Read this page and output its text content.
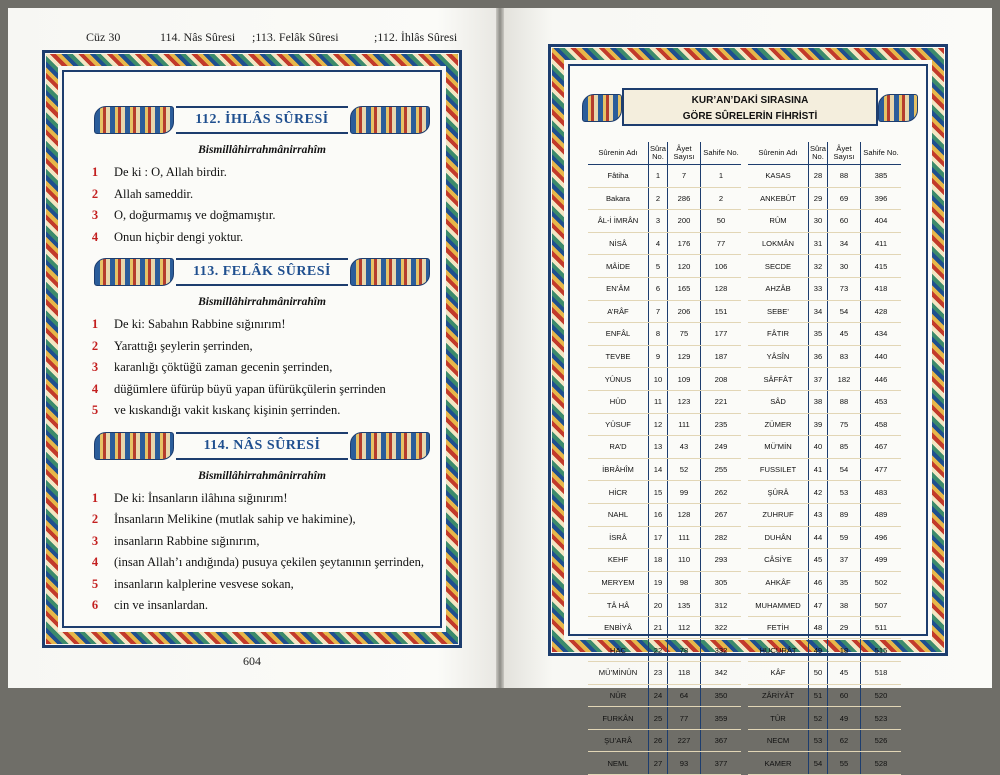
Cüz 30	114. Nâs Sûresi ;113. Felâk Sûresi	;112. İhlâs Sûresi
112. İHLÂS SÛRESİ
Bismillâhirrahmânirrahîm
1	De ki : O, Allah birdir.
2	Allah sameddir.
3	O, doğurmamış ve doğmamıştır.
4	Onun hiçbir dengi yoktur.
113. FELÂK SÛRESİ
Bismillâhirrahmânirrahîm
1	De ki: Sabahın Rabbine sığınırım!
2	Yarattığı şeylerin şerrinden,
3	karanlığı çöktüğü zaman gecenin şerrinden,
4	düğümlere üfürüp büyü yapan üfürükçülerin şerrinden
5	ve kıskandığı vakit kıskanç kişinin şerrinden.
114. NÂS SÛRESİ
Bismillâhirrahmânirrahîm
1	De ki: İnsanların ilâhına sığınırım!
2	İnsanların Melikine (mutlak sahip ve hakimine),
3	insanların Rabbine sığınırım,
4	(insan Allah’ı andığında) pusuya çekilen şeytanının şerrinden,
5	insanların kalplerine vesvese sokan,
6	cin ve insanlardan.
604
KUR’AN’DAKİ SIRASINA
GÖRE SÛRELERİN FİHRİSTİ
Sûrenin Adı	Sûra No.	Âyet Sayısı	Sahife No.
Fâtiha	1	7	1
Bakara	2	286	2
ÂL-İ İMRÂN	3	200	50
NİSÂ	4	176	77
MÂİDE	5	120	106
EN’ÂM	6	165	128
A’RÂF	7	206	151
ENFÂL	8	75	177
TEVBE	9	129	187
YÛNUS	10	109	208
HÛD	11	123	221
YÛSUF	12	111	235
RA’D	13	43	249
İBRÂHÎM	14	52	255
HİCR	15	99	262
NAHL	16	128	267
İSRÂ	17	111	282
KEHF	18	110	293
MERYEM	19	98	305
TÂ HÂ	20	135	312
ENBİYÂ	21	112	322
HAC	22	78	332
MÜ’MİNÛN	23	118	342
NÛR	24	64	350
FURKÂN	25	77	359
ŞU’ARÂ	26	227	367
NEML	27	93	377
Sûrenin Adı	Sûra No.	Âyet Sayısı	Sahife No.
KASAS	28	88	385
ANKEBÛT	29	69	396
RÛM	30	60	404
LOKMÂN	31	34	411
SECDE	32	30	415
AHZÂB	33	73	418
SEBE’	34	54	428
FÂTIR	35	45	434
YÂSÎN	36	83	440
SÂFFÂT	37	182	446
SÂD	38	88	453
ZÜMER	39	75	458
MÜ’MİN	40	85	467
FUSSILET	41	54	477
ŞÛRÂ	42	53	483
ZUHRUF	43	89	489
DUHÂN	44	59	496
CÂSİYE	45	37	499
AHKÂF	46	35	502
MUHAMMED	47	38	507
FETİH	48	29	511
HUCURÂT	49	18	515
KÂF	50	45	518
ZÂRİYÂT	51	60	520
TÛR	52	49	523
NECM	53	62	526
KAMER	54	55	528
